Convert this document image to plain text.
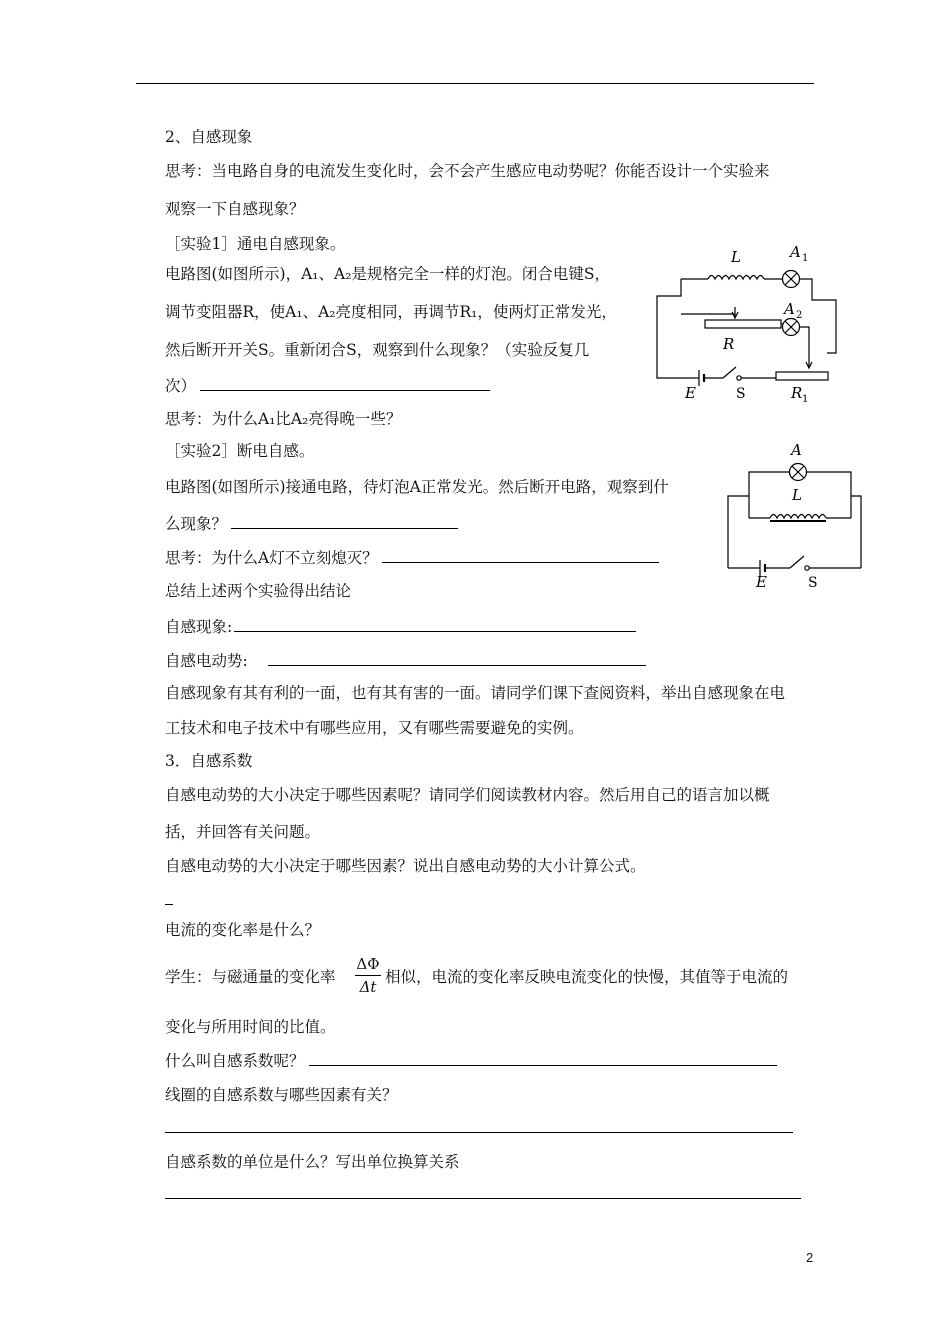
2、自感现象
思考：当电路自身的电流发生变化时，会不会产生感应电动势呢？你能否设计一个实验来
观察一下自感现象？
［实验1］通电自感现象。
电路图(如图所示)，A₁、A₂是规格完全一样的灯泡。闭合电键S，
调节变阻器R，使A₁、A₂亮度相同，再调节R₁，使两灯正常发光，
然后断开开关S。重新闭合S，观察到什么现象？（实验反复几
次）
思考：为什么A₁比A₂亮得晚一些？
［实验2］断电自感。
电路图(如图所示)接通电路，待灯泡A正常发光。然后断开电路，观察到什
么现象？
思考：为什么A灯不立刻熄灭？
总结上述两个实验得出结论
自感现象:
自感电动势:
自感现象有其有利的一面，也有其有害的一面。请同学们课下查阅资料，举出自感现象在电
工技术和电子技术中有哪些应用，又有哪些需要避免的实例。
3．自感系数
自感电动势的大小决定于哪些因素呢？请同学们阅读教材内容。然后用自己的语言加以概
括，并回答有关问题。
自感电动势的大小决定于哪些因素？说出自感电动势的大小计算公式。
电流的变化率是什么？
学生：与磁通量的变化率
ΔΦ
Δt
相似，电流的变化率反映电流变化的快慢，其值等于电流的
变化与所用时间的比值。
什么叫自感系数呢？
线圈的自感系数与哪些因素有关？
自感系数的单位是什么？写出单位换算关系
L	A 1
A 2
R
E	S	R 1
A
L
E	S
2
